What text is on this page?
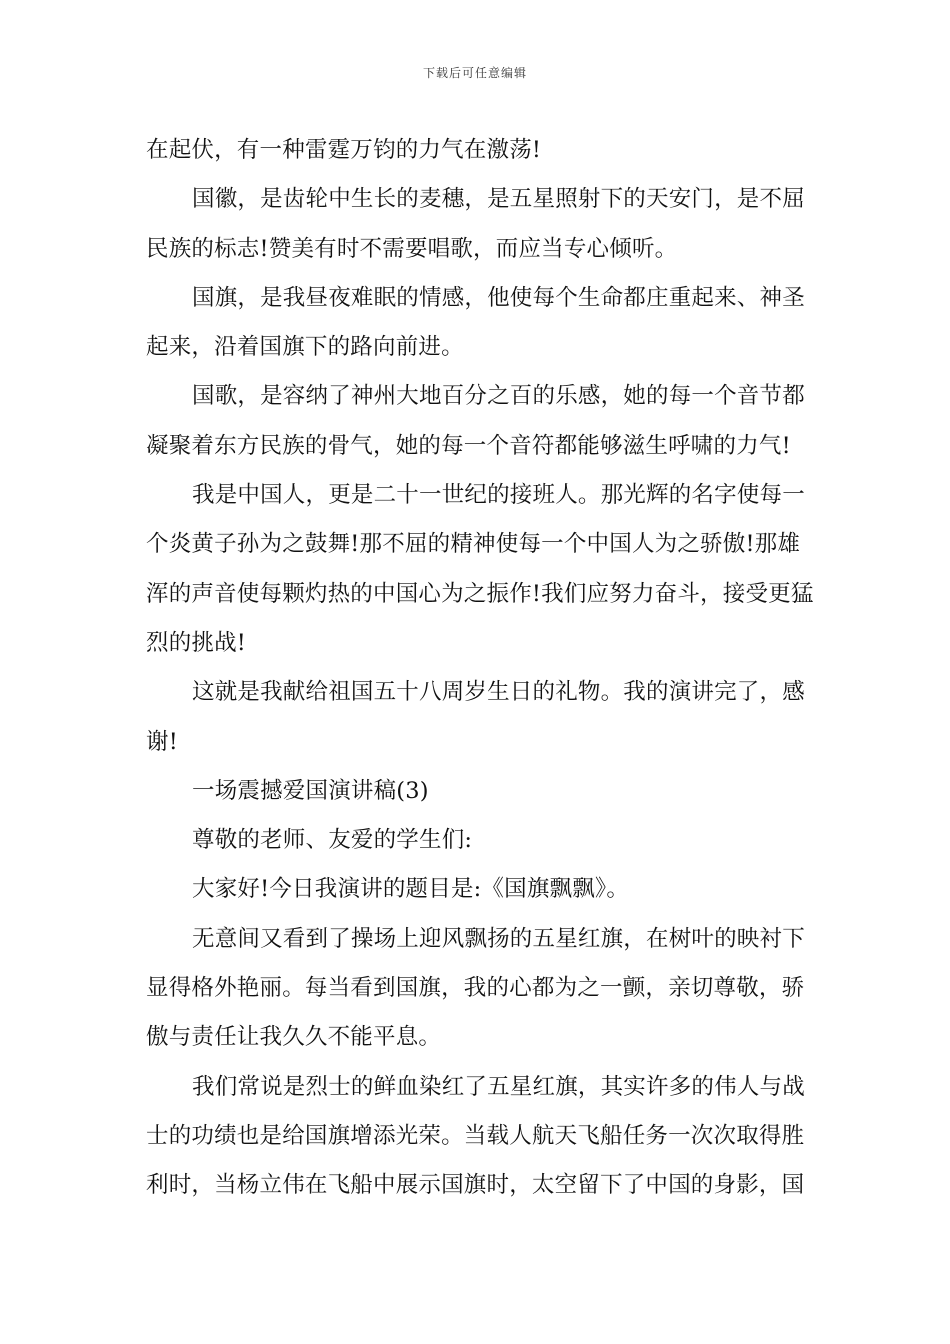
下载后可任意编辑
在起伏，有一种雷霆万钧的力气在激荡!
国徽，是齿轮中生长的麦穗，是五星照射下的天安门，是不屈
民族的标志!赞美有时不需要唱歌，而应当专心倾听。
国旗，是我昼夜难眠的情感，他使每个生命都庄重起来、神圣
起来，沿着国旗下的路向前进。
国歌，是容纳了神州大地百分之百的乐感，她的每一个音节都
凝聚着东方民族的骨气，她的每一个音符都能够滋生呼啸的力气!
我是中国人，更是二十一世纪的接班人。那光辉的名字使每一
个炎黄子孙为之鼓舞!那不屈的精神使每一个中国人为之骄傲!那雄
浑的声音使每颗灼热的中国心为之振作!我们应努力奋斗，接受更猛
烈的挑战!
这就是我献给祖国五十八周岁生日的礼物。我的演讲完了，感
谢!
一场震撼爱国演讲稿(3)
尊敬的老师、友爱的学生们:
大家好!今日我演讲的题目是:《国旗飘飘》。
无意间又看到了操场上迎风飘扬的五星红旗，在树叶的映衬下
显得格外艳丽。每当看到国旗，我的心都为之一颤，亲切尊敬，骄
傲与责任让我久久不能平息。
我们常说是烈士的鲜血染红了五星红旗，其实许多的伟人与战
士的功绩也是给国旗增添光荣。当载人航天飞船任务一次次取得胜
利时，当杨立伟在飞船中展示国旗时，太空留下了中国的身影，国
